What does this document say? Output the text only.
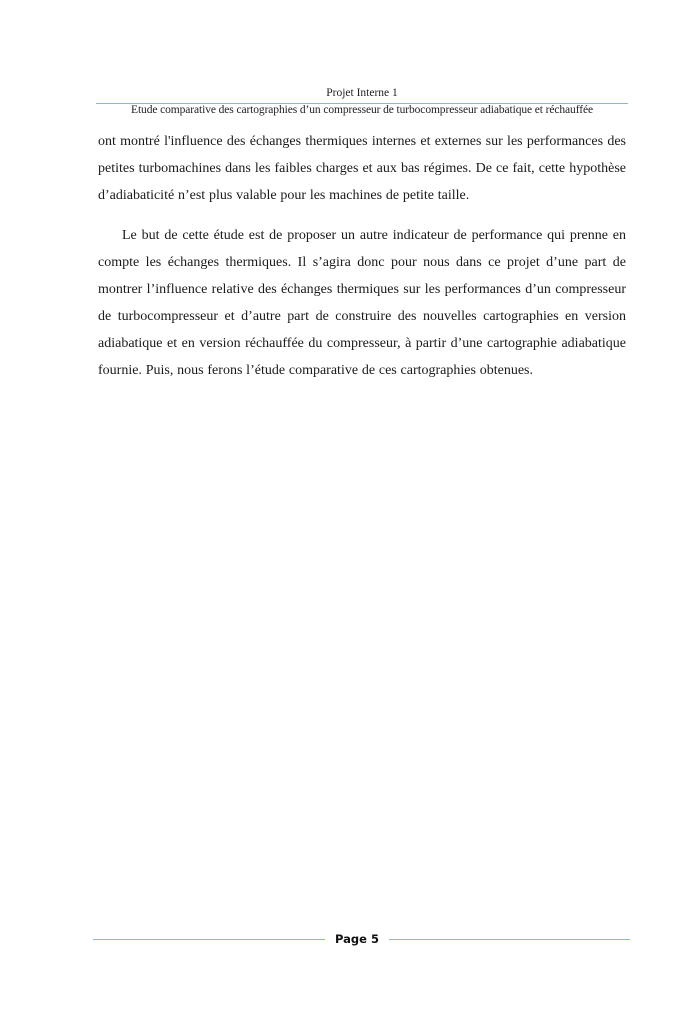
Projet Interne 1
Etude comparative des cartographies d’un compresseur de turbocompresseur adiabatique et réchauffée

ont montré l'influence des échanges thermiques internes et externes sur les performances des petites turbomachines dans les faibles charges et aux bas régimes. De ce fait, cette hypothèse d’adiabaticité n’est plus valable pour les machines de petite taille.

Le but de cette étude est de proposer un autre indicateur de performance qui prenne en compte les échanges thermiques. Il s’agira donc pour nous dans ce projet d’une part de montrer l’influence relative des échanges thermiques sur les performances d’un compresseur de turbocompresseur et d’autre part de construire des nouvelles cartographies en version adiabatique et en version réchauffée du compresseur, à partir d’une cartographie adiabatique fournie. Puis, nous ferons l’étude comparative de ces cartographies obtenues.

Page 5
